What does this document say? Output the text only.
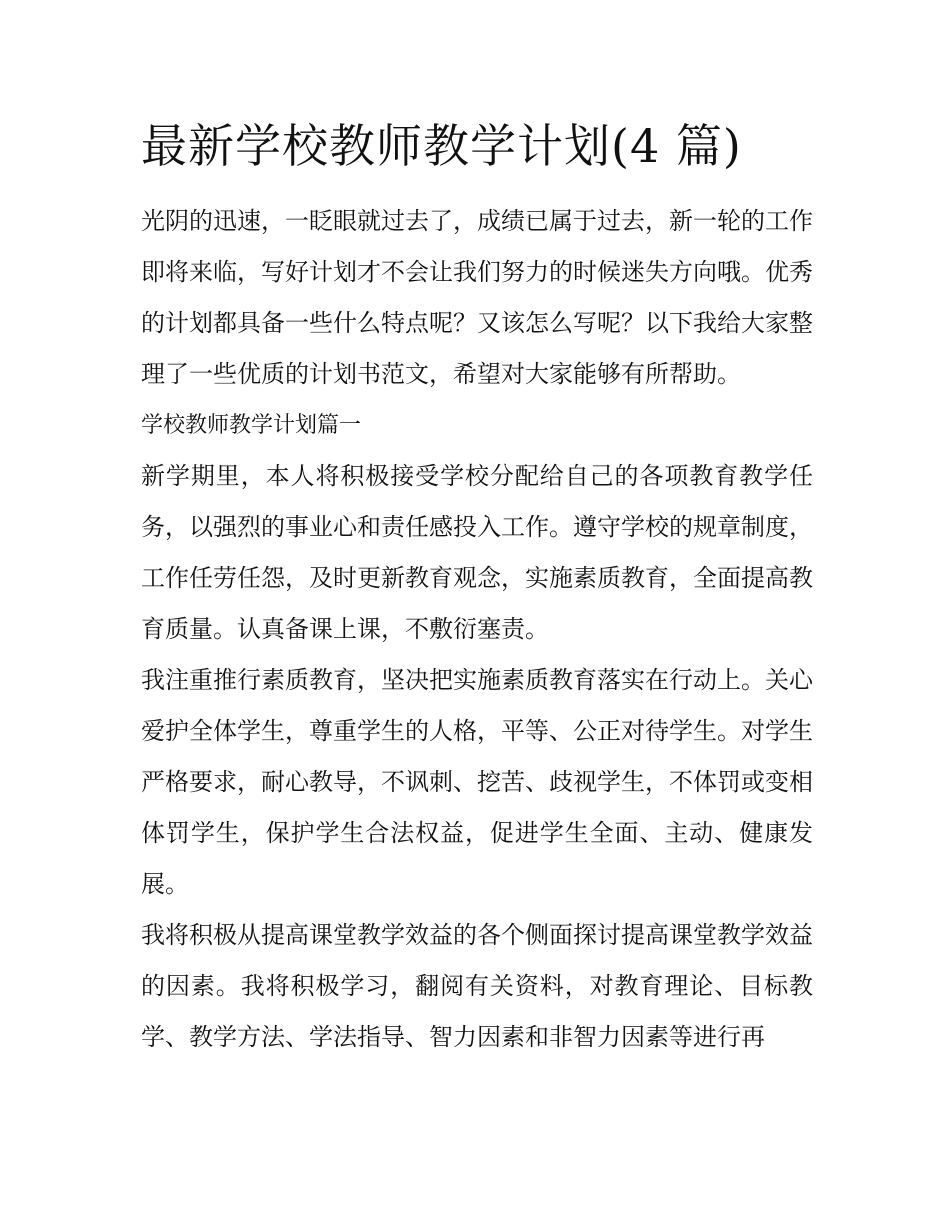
最新学校教师教学计划(4 篇)

光阴的迅速，一眨眼就过去了，成绩已属于过去，新一轮的工作即将来临，写好计划才不会让我们努力的时候迷失方向哦。优秀的计划都具备一些什么特点呢？又该怎么写呢？以下我给大家整理了一些优质的计划书范文，希望对大家能够有所帮助。

学校教师教学计划篇一

新学期里，本人将积极接受学校分配给自己的各项教育教学任务，以强烈的事业心和责任感投入工作。遵守学校的规章制度，工作任劳任怨，及时更新教育观念，实施素质教育，全面提高教育质量。认真备课上课，不敷衍塞责。

我注重推行素质教育，坚决把实施素质教育落实在行动上。关心爱护全体学生，尊重学生的人格，平等、公正对待学生。对学生严格要求，耐心教导，不讽刺、挖苦、歧视学生，不体罚或变相体罚学生，保护学生合法权益，促进学生全面、主动、健康发展。

我将积极从提高课堂教学效益的各个侧面探讨提高课堂教学效益的因素。我将积极学习，翻阅有关资料，对教育理论、目标教学、教学方法、学法指导、智力因素和非智力因素等进行再
